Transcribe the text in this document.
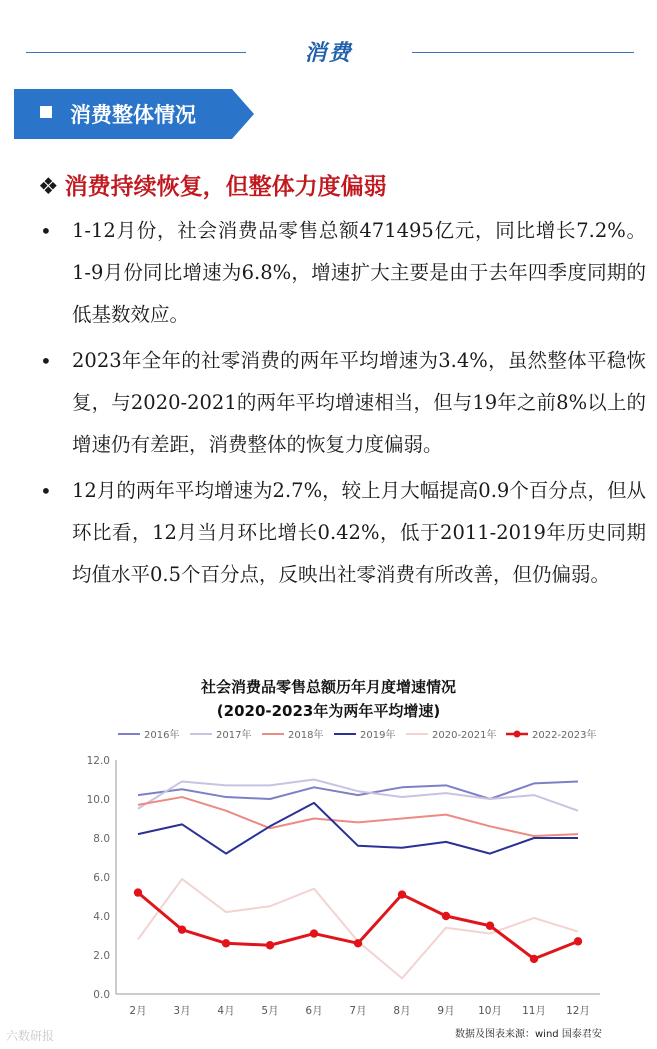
消费
消费整体情况
❖ 消费持续恢复，但整体力度偏弱

• 1-12月份，社会消费品零售总额471495亿元，同比增长7.2%。1-9月份同比增速为6.8%，增速扩大主要是由于去年四季度同期的低基数效应。

• 2023年全年的社零消费的两年平均增速为3.4%，虽然整体平稳恢复，与2020-2021的两年平均增速相当，但与19年之前8%以上的增速仍有差距，消费整体的恢复力度偏弱。

• 12月的两年平均增速为2.7%，较上月大幅提高0.9个百分点，但从环比看，12月当月环比增长0.42%，低于2011-2019年历史同期均值水平0.5个百分点，反映出社零消费有所改善，但仍偏弱。

社会消费品零售总额历年月度增速情况
(2020-2023年为两年平均增速)
0.0
2.0
4.0
6.0
8.0
10.0
12.0
2月	3月	4月	5月	6月	7月	8月	9月 10月 11月 12月
2016年	2017年	2018年	2019年	2020-2021年	2022-2023年
数据及图表来源：wind 国泰君安
六数研报
